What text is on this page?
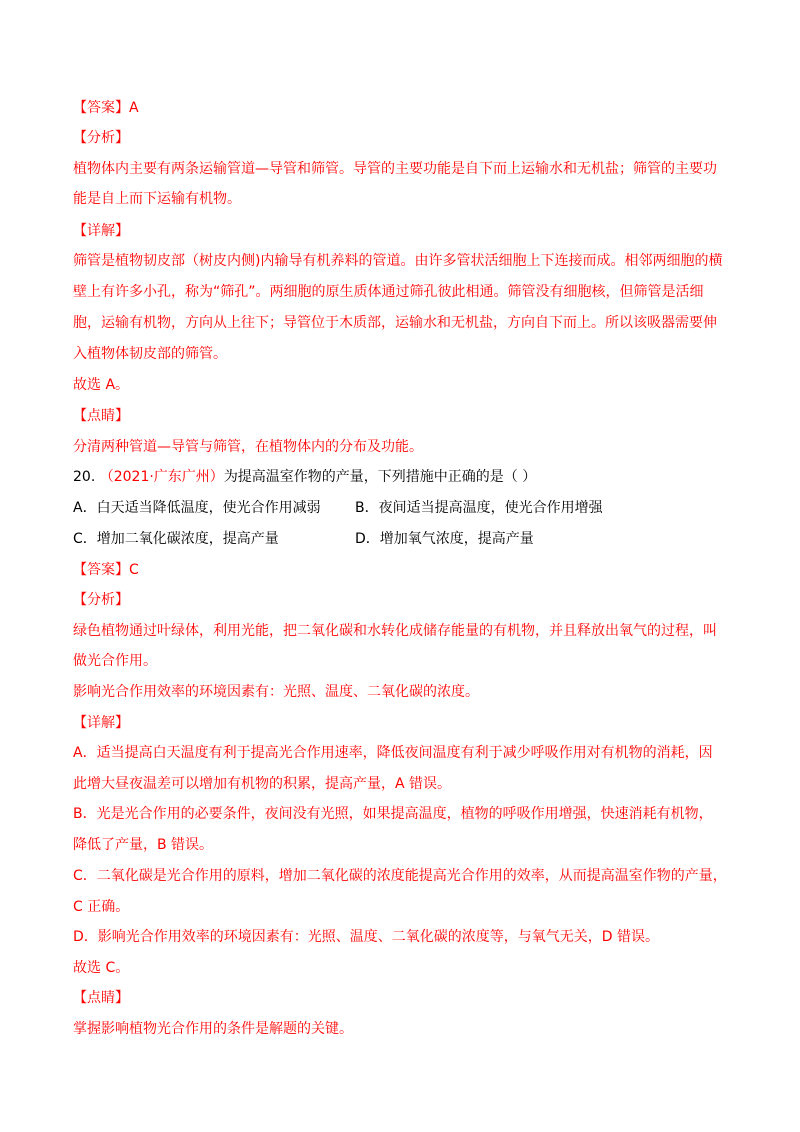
【答案】A
【分析】
植物体内主要有两条运输管道—导管和筛管。导管的主要功能是自下而上运输水和无机盐；筛管的主要功
能是自上而下运输有机物。
【详解】
筛管是植物韧皮部（树皮内侧)内输导有机养料的管道。由许多管状活细胞上下连接而成。相邻两细胞的横
壁上有许多小孔，称为“筛孔”。两细胞的原生质体通过筛孔彼此相通。筛管没有细胞核，但筛管是活细
胞，运输有机物，方向从上往下；导管位于木质部，运输水和无机盐，方向自下而上。所以该吸器需要伸
入植物体韧皮部的筛管。
故选 A。
【点睛】
分清两种管道—导管与筛管，在植物体内的分布及功能。
20. （2021·广东广州）为提高温室作物的产量，下列措施中正确的是（ ）
A．白天适当降低温度，使光合作用减弱 B．夜间适当提高温度，使光合作用增强
C．增加二氧化碳浓度，提高产量	D．增加氧气浓度，提高产量
【答案】C
【分析】
绿色植物通过叶绿体，利用光能，把二氧化碳和水转化成储存能量的有机物，并且释放出氧气的过程，叫
做光合作用。
影响光合作用效率的环境因素有：光照、温度、二氧化碳的浓度。
【详解】
A．适当提高白天温度有利于提高光合作用速率，降低夜间温度有利于减少呼吸作用对有机物的消耗，因
此增大昼夜温差可以增加有机物的积累，提高产量，A 错误。
B．光是光合作用的必要条件，夜间没有光照，如果提高温度，植物的呼吸作用增强，快速消耗有机物，
降低了产量，B 错误。
C．二氧化碳是光合作用的原料，增加二氧化碳的浓度能提高光合作用的效率，从而提高温室作物的产量，
C 正确。
D．影响光合作用效率的环境因素有：光照、温度、二氧化碳的浓度等，与氧气无关，D 错误。
故选 C。
【点睛】
掌握影响植物光合作用的条件是解题的关键。
